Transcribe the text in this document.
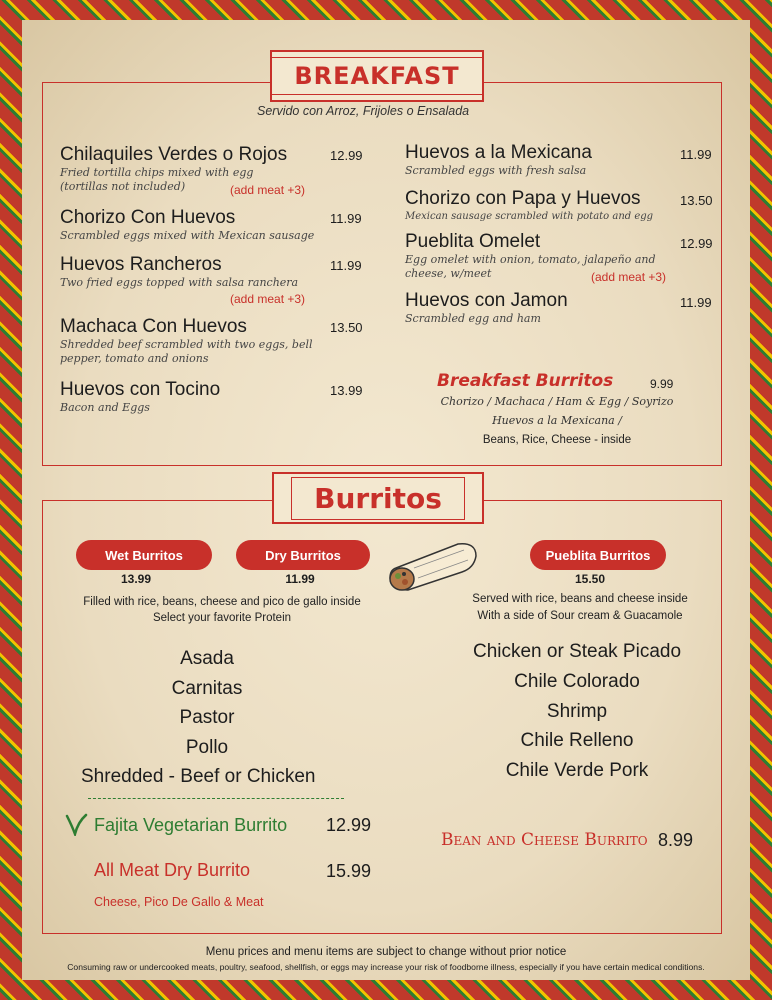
BREAKFAST
Servido con Arroz, Frijoles o Ensalada
Chilaquiles Verdes o Rojos	12.99
Fried tortilla chips mixed with egg
(tortillas not included)	(add meat +3)
Chorizo Con Huevos	11.99
Scrambled eggs mixed with Mexican sausage
Huevos Rancheros	11.99
Two fried eggs topped with salsa ranchera
(add meat +3)
Machaca Con Huevos	13.50
Shredded beef scrambled with two eggs, bell
pepper, tomato and onions
Huevos con Tocino	13.99
Bacon and Eggs
Huevos a la Mexicana	11.99
Scrambled eggs with fresh salsa
Chorizo con Papa y Huevos	13.50
Mexican sausage scrambled with potato and egg
Pueblita Omelet	12.99
Egg omelet with onion, tomato, jalapeño and
cheese, w/meet	(add meat +3)
Huevos con Jamon	11.99
Scrambled egg and ham
Breakfast Burritos	9.99
Chorizo / Machaca / Ham & Egg / Soyrizo
Huevos a la Mexicana /
Beans, Rice, Cheese - inside
Burritos
Wet Burritos
13.99
Dry Burritos
11.99
Pueblita Burritos
15.50
Filled with rice, beans, cheese and pico de gallo inside
Select your favorite Protein
Served with rice, beans and cheese inside
With a side of Sour cream & Guacamole
Asada
Carnitas
Pastor
Pollo
Shredded - Beef or Chicken
Chicken or Steak Picado
Chile Colorado
Shrimp
Chile Relleno
Chile Verde Pork
Fajita Vegetarian Burrito 12.99
All Meat Dry Burrito	15.99
Cheese, Pico De Gallo & Meat
Bean and Cheese Burrito 8.99
Menu prices and menu items are subject to change without prior notice
Consuming raw or undercooked meats, poultry, seafood, shellfish, or eggs may increase your risk of foodborne illness, especially if you have certain medical conditions.
